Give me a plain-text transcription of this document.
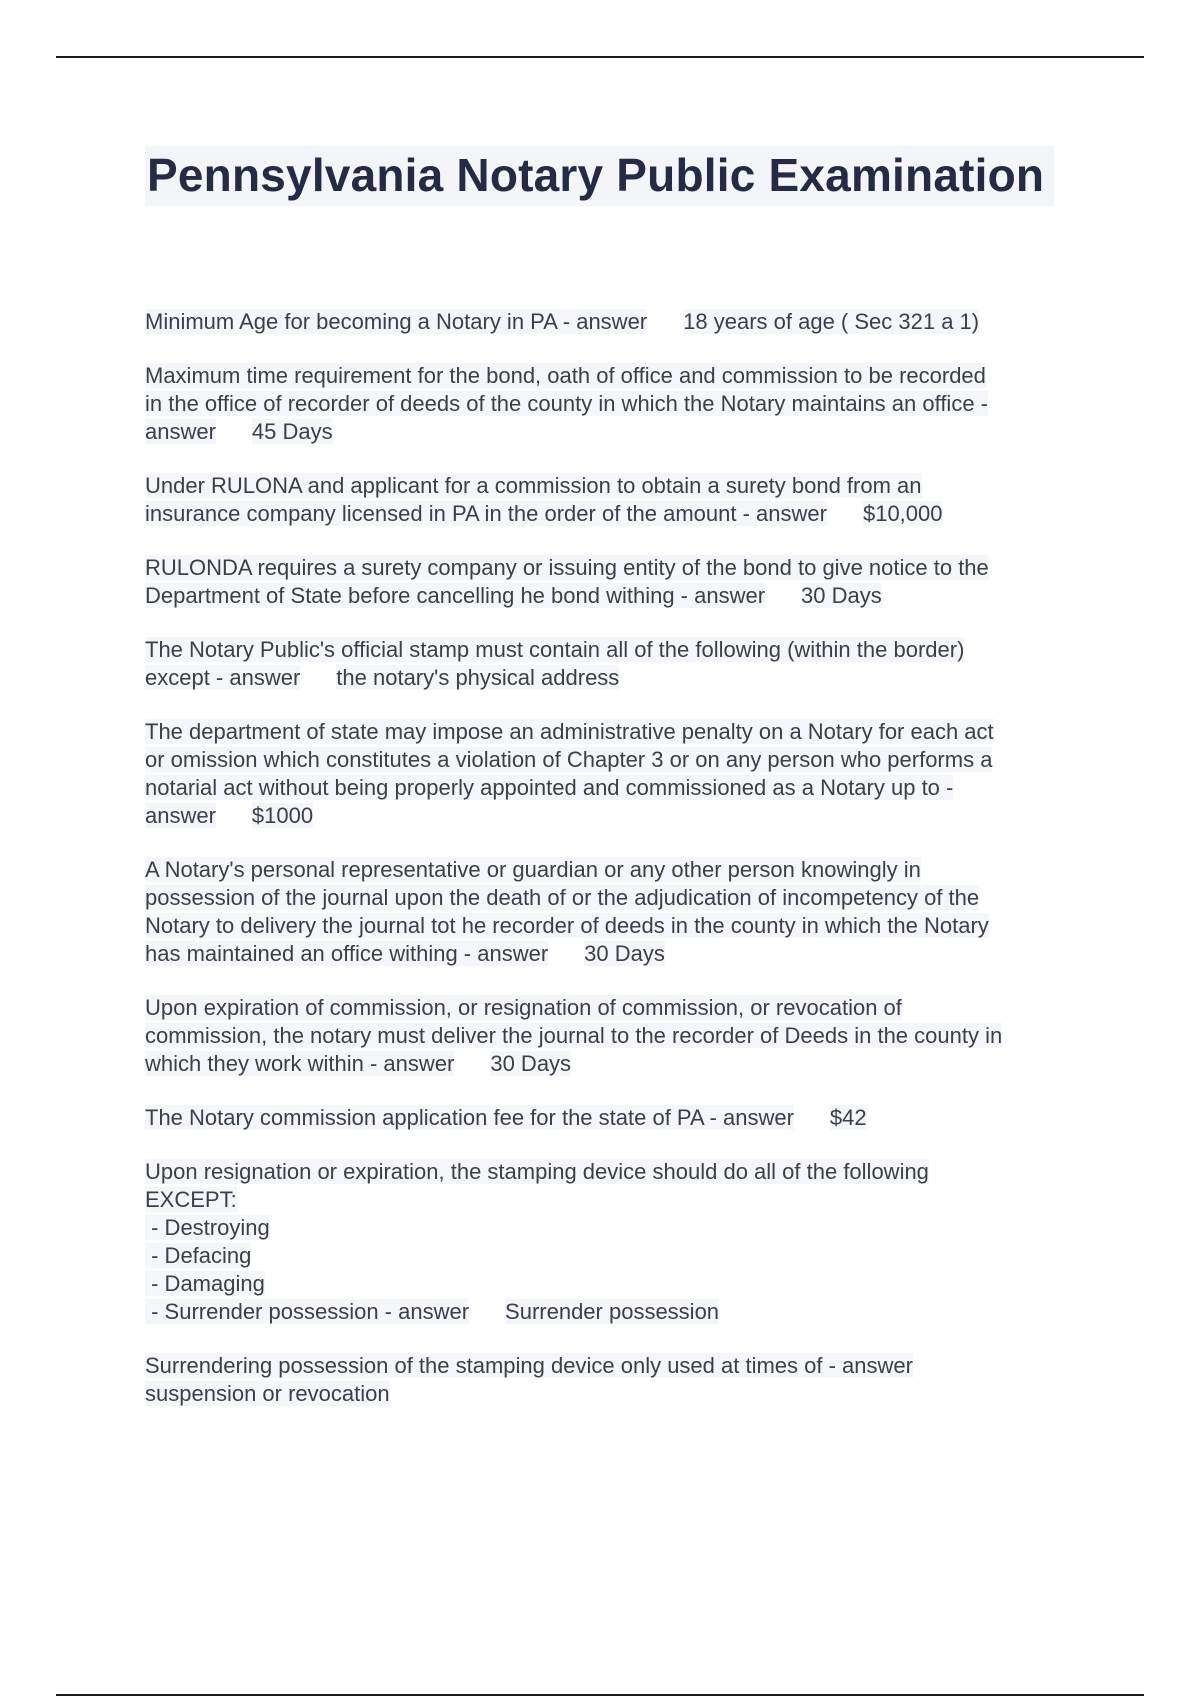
Pennsylvania Notary Public Examination
Minimum Age for becoming a Notary in PA - answer 18 years of age ( Sec 321 a 1)
Maximum time requirement for the bond, oath of office and commission to be recorded
in the office of recorder of deeds of the county in which the Notary maintains an office -
answer 45 Days
Under RULONA and applicant for a commission to obtain a surety bond from an
insurance company licensed in PA in the order of the amount - answer $10,000
RULONDA requires a surety company or issuing entity of the bond to give notice to the
Department of State before cancelling he bond withing - answer 30 Days
The Notary Public's official stamp must contain all of the following (within the border)
except - answer the notary's physical address
The department of state may impose an administrative penalty on a Notary for each act
or omission which constitutes a violation of Chapter 3 or on any person who performs a
notarial act without being properly appointed and commissioned as a Notary up to -
answer $1000
A Notary's personal representative or guardian or any other person knowingly in
possession of the journal upon the death of or the adjudication of incompetency of the
Notary to delivery the journal tot he recorder of deeds in the county in which the Notary
has maintained an office withing - answer 30 Days
Upon expiration of commission, or resignation of commission, or revocation of
commission, the notary must deliver the journal to the recorder of Deeds in the county in
which they work within - answer 30 Days
The Notary commission application fee for the state of PA - answer $42
Upon resignation or expiration, the stamping device should do all of the following
EXCEPT:
- Destroying
- Defacing
- Damaging
- Surrender possession - answer Surrender possession
Surrendering possession of the stamping device only used at times of - answer
suspension or revocation
